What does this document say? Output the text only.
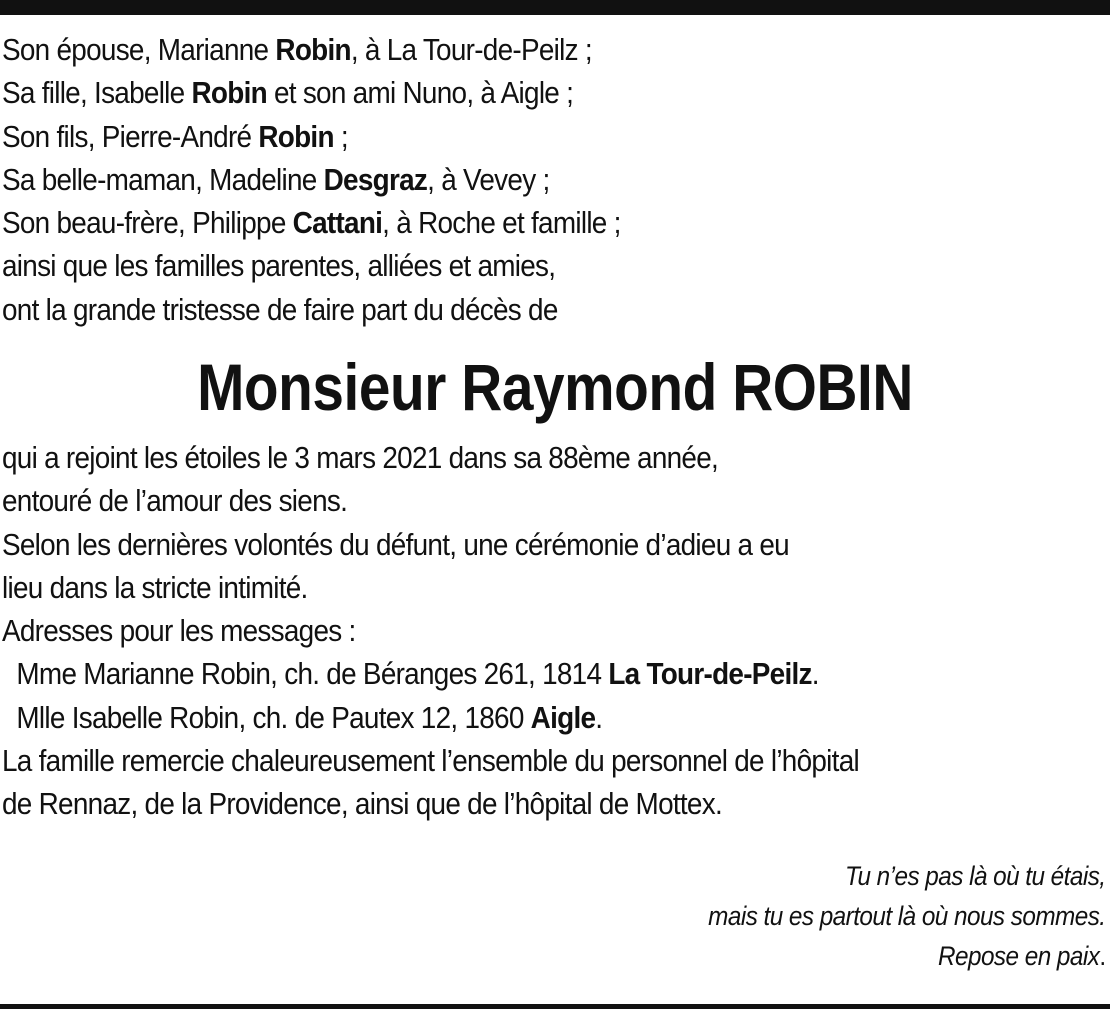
Son épouse, Marianne Robin, à La Tour-de-Peilz ;
Sa fille, Isabelle Robin et son ami Nuno, à Aigle ;
Son fils, Pierre-André Robin ;
Sa belle-maman, Madeline Desgraz, à Vevey ;
Son beau-frère, Philippe Cattani, à Roche et famille ;
ainsi que les familles parentes, alliées et amies,
ont la grande tristesse de faire part du décès de
Monsieur Raymond ROBIN
qui a rejoint les étoiles le 3 mars 2021 dans sa 88ème année,
entouré de l’amour des siens.
Selon les dernières volontés du défunt, une cérémonie d’adieu a eu
lieu dans la stricte intimité.
Adresses pour les messages :
Mme Marianne Robin, ch. de Béranges 261, 1814 La Tour-de-Peilz.
Mlle Isabelle Robin, ch. de Pautex 12, 1860 Aigle.
La famille remercie chaleureusement l’ensemble du personnel de l’hôpital
de Rennaz, de la Providence, ainsi que de l’hôpital de Mottex.
Tu n’es pas là où tu étais,
mais tu es partout là où nous sommes.
Repose en paix.
